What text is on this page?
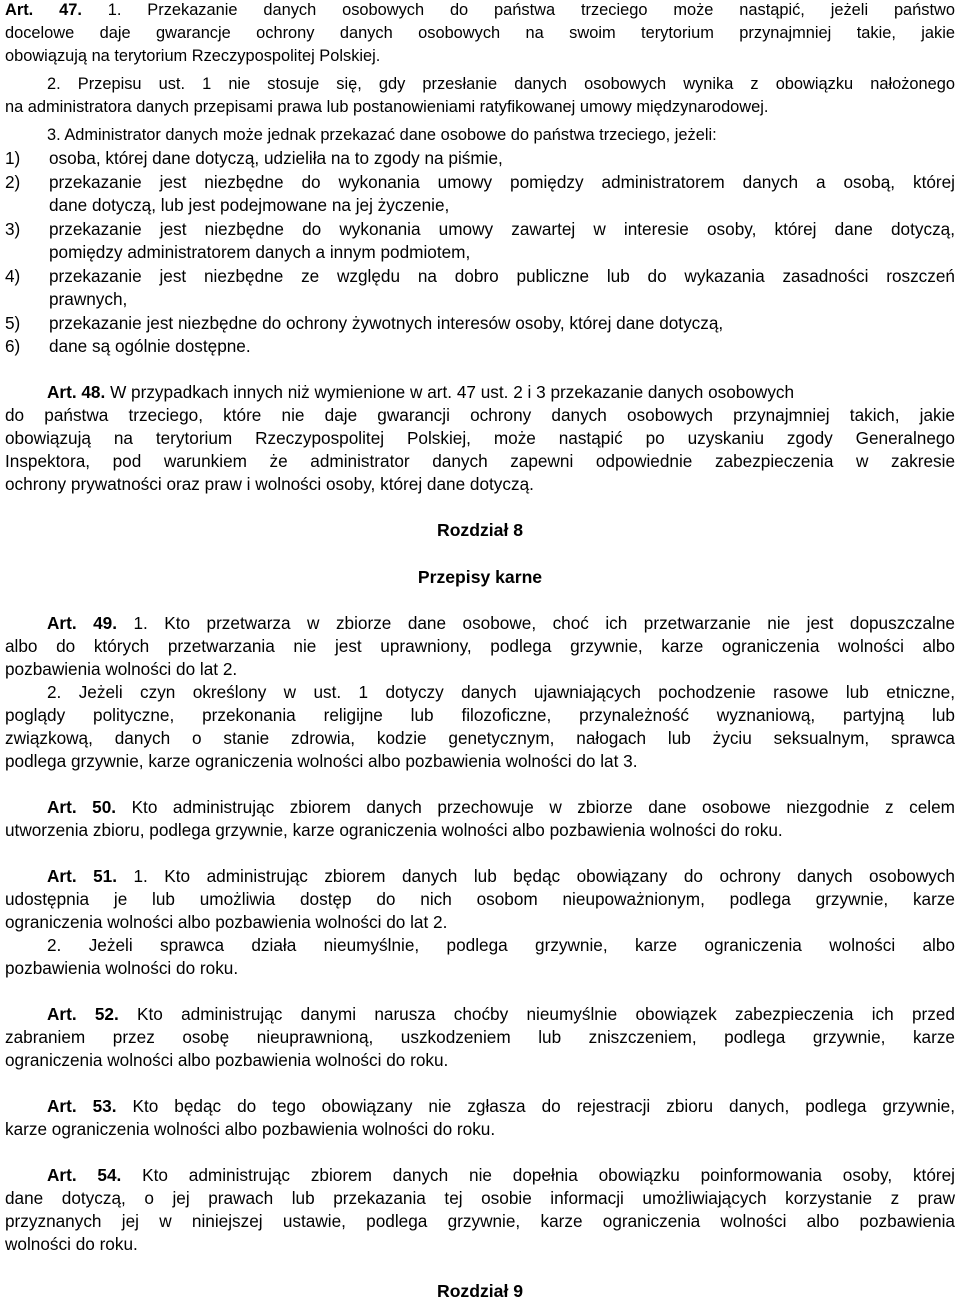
Art. 47. 1. Przekazanie danych osobowych do państwa trzeciego może nastąpić, jeżeli państwo
docelowe daje gwarancje ochrony danych osobowych na swoim terytorium przynajmniej takie, jakie
obowiązują na terytorium Rzeczypospolitej Polskiej.
2. Przepisu ust. 1 nie stosuje się, gdy przesłanie danych osobowych wynika z obowiązku nałożonego
na administratora danych przepisami prawa lub postanowieniami ratyfikowanej umowy międzynarodowej.
3. Administrator danych może jednak przekazać dane osobowe do państwa trzeciego, jeżeli:
1)	osoba, której dane dotyczą, udzieliła na to zgody na piśmie,
2)	przekazanie jest niezbędne do wykonania umowy pomiędzy administratorem danych a osobą, której
dane dotyczą, lub jest podejmowane na jej życzenie,
3)	przekazanie jest niezbędne do wykonania umowy zawartej w interesie osoby, której dane dotyczą,
pomiędzy administratorem danych a innym podmiotem,
4)	przekazanie jest niezbędne ze względu na dobro publiczne lub do wykazania zasadności roszczeń
prawnych,
5)	przekazanie jest niezbędne do ochrony żywotnych interesów osoby, której dane dotyczą,
6)	dane są ogólnie dostępne.
Art. 48. W przypadkach innych niż wymienione w art. 47 ust. 2 i 3 przekazanie danych osobowych
do państwa trzeciego, które nie daje gwarancji ochrony danych osobowych przynajmniej takich, jakie
obowiązują na terytorium Rzeczypospolitej Polskiej, może nastąpić po uzyskaniu zgody Generalnego
Inspektora, pod warunkiem że administrator danych zapewni odpowiednie zabezpieczenia w zakresie
ochrony prywatności oraz praw i wolności osoby, której dane dotyczą.
Rozdział 8
Przepisy karne
Art. 49. 1. Kto przetwarza w zbiorze dane osobowe, choć ich przetwarzanie nie jest dopuszczalne
albo do których przetwarzania nie jest uprawniony, podlega grzywnie, karze ograniczenia wolności albo
pozbawienia wolności do lat 2.
2. Jeżeli czyn określony w ust. 1 dotyczy danych ujawniających pochodzenie rasowe lub etniczne,
poglądy polityczne, przekonania religijne lub filozoficzne, przynależność wyznaniową, partyjną lub
związkową, danych o stanie zdrowia, kodzie genetycznym, nałogach lub życiu seksualnym, sprawca
podlega grzywnie, karze ograniczenia wolności albo pozbawienia wolności do lat 3.
Art. 50. Kto administrując zbiorem danych przechowuje w zbiorze dane osobowe niezgodnie z celem
utworzenia zbioru, podlega grzywnie, karze ograniczenia wolności albo pozbawienia wolności do roku.
Art. 51. 1. Kto administrując zbiorem danych lub będąc obowiązany do ochrony danych osobowych
udostępnia je lub umożliwia dostęp do nich osobom nieupoważnionym, podlega grzywnie, karze
ograniczenia wolności albo pozbawienia wolności do lat 2.
2. Jeżeli sprawca działa nieumyślnie, podlega grzywnie, karze ograniczenia wolności albo
pozbawienia wolności do roku.
Art. 52. Kto administrując danymi narusza choćby nieumyślnie obowiązek zabezpieczenia ich przed
zabraniem przez osobę nieuprawnioną, uszkodzeniem lub zniszczeniem, podlega grzywnie, karze
ograniczenia wolności albo pozbawienia wolności do roku.
Art. 53. Kto będąc do tego obowiązany nie zgłasza do rejestracji zbioru danych, podlega grzywnie,
karze ograniczenia wolności albo pozbawienia wolności do roku.
Art. 54. Kto administrując zbiorem danych nie dopełnia obowiązku poinformowania osoby, której
dane dotyczą, o jej prawach lub przekazania tej osobie informacji umożliwiających korzystanie z praw
przyznanych jej w niniejszej ustawie, podlega grzywnie, karze ograniczenia wolności albo pozbawienia
wolności do roku.
Rozdział 9
